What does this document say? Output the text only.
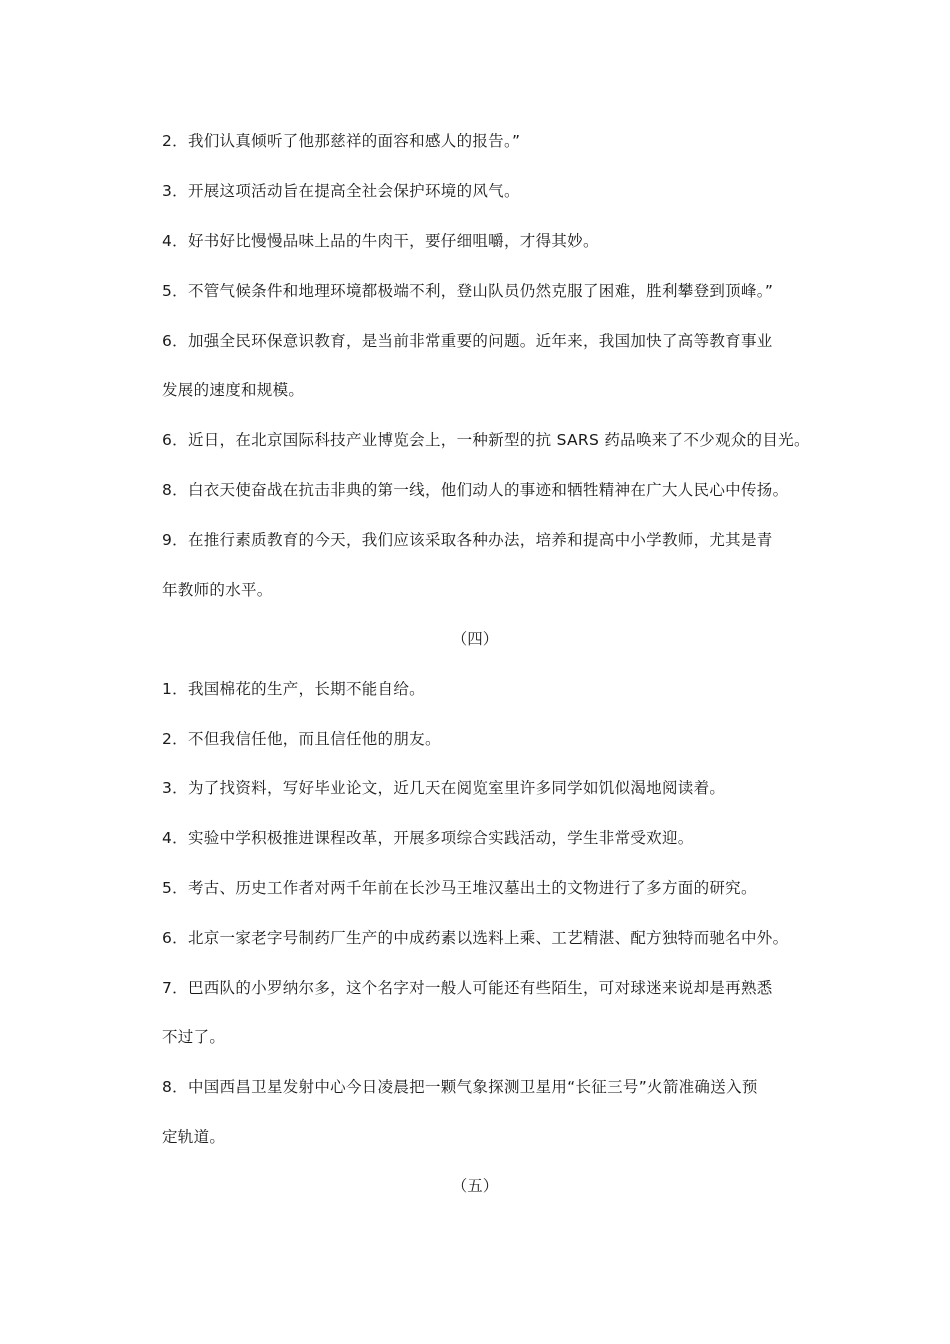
2．我们认真倾听了他那慈祥的面容和感人的报告。”
3．开展这项活动旨在提高全社会保护环境的风气。
4．好书好比慢慢品味上品的牛肉干，要仔细咀嚼，才得其妙。
5．不管气候条件和地理环境都极端不利，登山队员仍然克服了困难，胜利攀登到顶峰。”
6．加强全民环保意识教育，是当前非常重要的问题。近年来，我国加快了高等教育事业
发展的速度和规模。
6．近日，在北京国际科技产业博览会上，一种新型的抗 SARS 药品唤来了不少观众的目光。
8．白衣天使奋战在抗击非典的第一线，他们动人的事迹和牺牲精神在广大人民心中传扬。
9．在推行素质教育的今天，我们应该采取各种办法，培养和提高中小学教师，尤其是青
年教师的水平。
（四）
1．我国棉花的生产，长期不能自给。
2．不但我信任他，而且信任他的朋友。
3．为了找资料，写好毕业论文，近几天在阅览室里许多同学如饥似渴地阅读着。
4．实验中学积极推进课程改革，开展多项综合实践活动，学生非常受欢迎。
5．考古、历史工作者对两千年前在长沙马王堆汉墓出土的文物进行了多方面的研究。
6．北京一家老字号制药厂生产的中成药素以选料上乘、工艺精湛、配方独特而驰名中外。
7．巴西队的小罗纳尔多，这个名字对一般人可能还有些陌生，可对球迷来说却是再熟悉
不过了。
8．中国西昌卫星发射中心今日凌晨把一颗气象探测卫星用“长征三号”火箭准确送入预
定轨道。
（五）
